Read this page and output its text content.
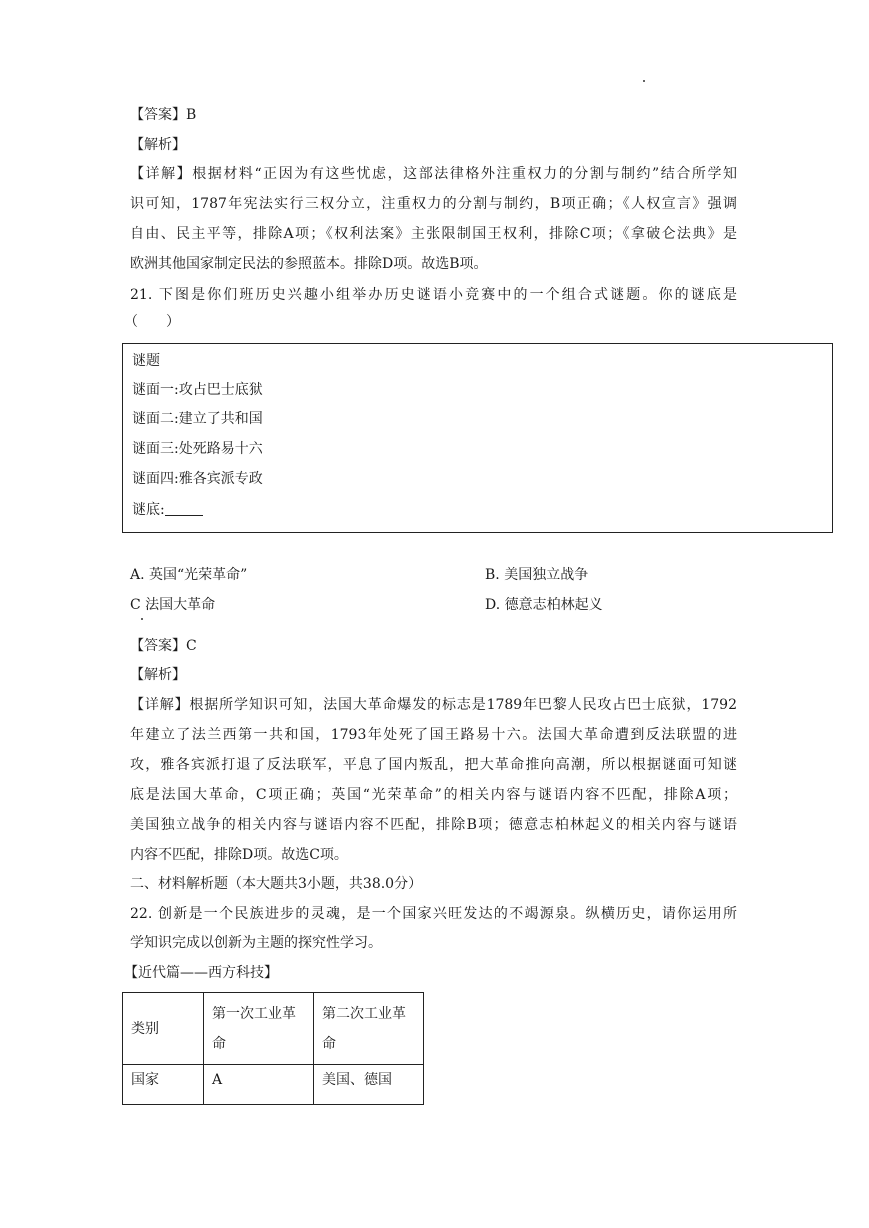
【答案】B
【解析】
【详解】根据材料“正因为有这些忧虑，这部法律格外注重权力的分割与制约”结合所学知
识可知，1787年宪法实行三权分立，注重权力的分割与制约，B项正确；《人权宣言》强调
自由、民主平等，排除A项；《权利法案》主张限制国王权利，排除C项；《拿破仑法典》是
欧洲其他国家制定民法的参照蓝本。排除D项。故选B项。
21. 下图是你们班历史兴趣小组举办历史谜语小竞赛中的一个组合式谜题。你的谜底是
（　　）
谜题
谜面一:攻占巴士底狱
谜面二:建立了共和国
谜面三:处死路易十六
谜面四:雅各宾派专政
谜底:
A. 英国“光荣革命”	B. 美国独立战争
C 法国大革命	D. 德意志柏林起义
【答案】C
【解析】
【详解】根据所学知识可知，法国大革命爆发的标志是1789年巴黎人民攻占巴士底狱，1792
年建立了法兰西第一共和国，1793年处死了国王路易十六。法国大革命遭到反法联盟的进
攻，雅各宾派打退了反法联军，平息了国内叛乱，把大革命推向高潮，所以根据谜面可知谜
底是法国大革命，C项正确；英国“光荣革命”的相关内容与谜语内容不匹配，排除A项；
美国独立战争的相关内容与谜语内容不匹配，排除B项；德意志柏林起义的相关内容与谜语
内容不匹配，排除D项。故选C项。
二、材料解析题（本大题共3小题，共38.0分）
22. 创新是一个民族进步的灵魂，是一个国家兴旺发达的不竭源泉。纵横历史，请你运用所
学知识完成以创新为主题的探究性学习。
【近代篇——西方科技】
类别	第一次工业革命	第二次工业革命

国家	A	美国、德国
